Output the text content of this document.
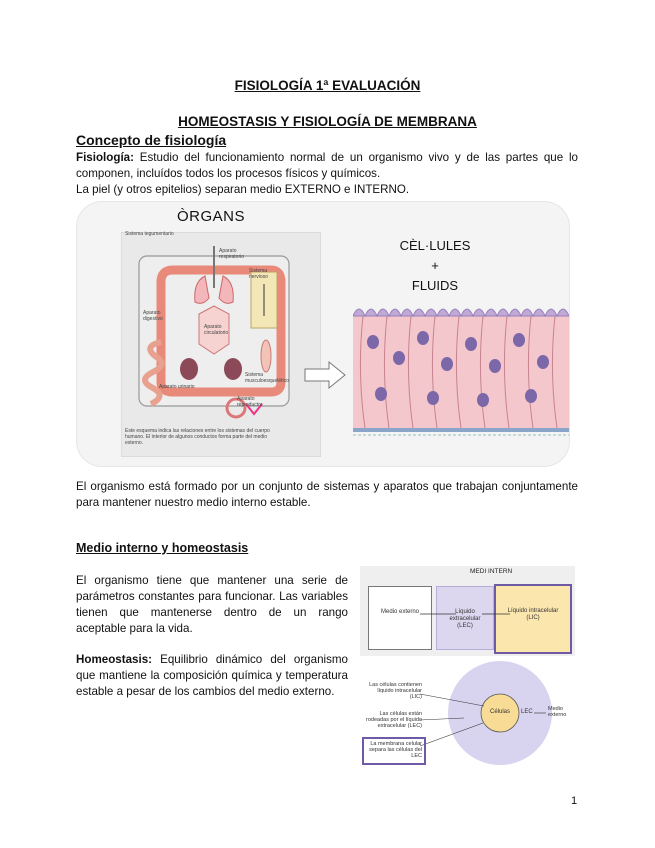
FISIOLOGÍA 1ª EVALUACIÓN
HOMEOSTASIS Y FISIOLOGÍA DE MEMBRANA
Concepto de fisiología
Fisiología: Estudio del funcionamiento normal de un organismo vivo y de las partes que lo componen, incluídos todos los procesos físicos y químicos.
La piel (y otros epitelios) separan medio EXTERNO e INTERNO.
ÒRGANS
Sistema tegumentario
Aparato respiratorio
Sistema nervioso
Aparato digestivo
Aparato circulatorio
Sistema musculoesquelético
Aparato urinario
Aparato reproductor
Este esquema indica las relaciones entre los sistemas del cuerpo humano. El interior de algunos conductos forma parte del medio externo.
CÈL·LULES
+
FLUIDS
El organismo está formado por un conjunto de sistemas y aparatos que trabajan conjuntamente para mantener nuestro medio interno estable.
Medio interno y homeostasis
El organismo tiene que mantener una serie de parámetros constantes para funcionar. Las variables tienen que mantenerse dentro de un rango aceptable para la vida.
Homeostasis: Equilibrio dinámico del organismo que mantiene la composición química y temperatura estable a pesar de los cambios del medio externo.
MEDI INTERN
Medio externo	Líquido extracelular (LEC)
Líquido intracelular (LIC)
Las células contienen líquido intracelular (LIC)
Las células están rodeadas por el líquido extracelular (LEC)
La membrana celular separa las células del LEC
Células	LEC	Medio externo
1
